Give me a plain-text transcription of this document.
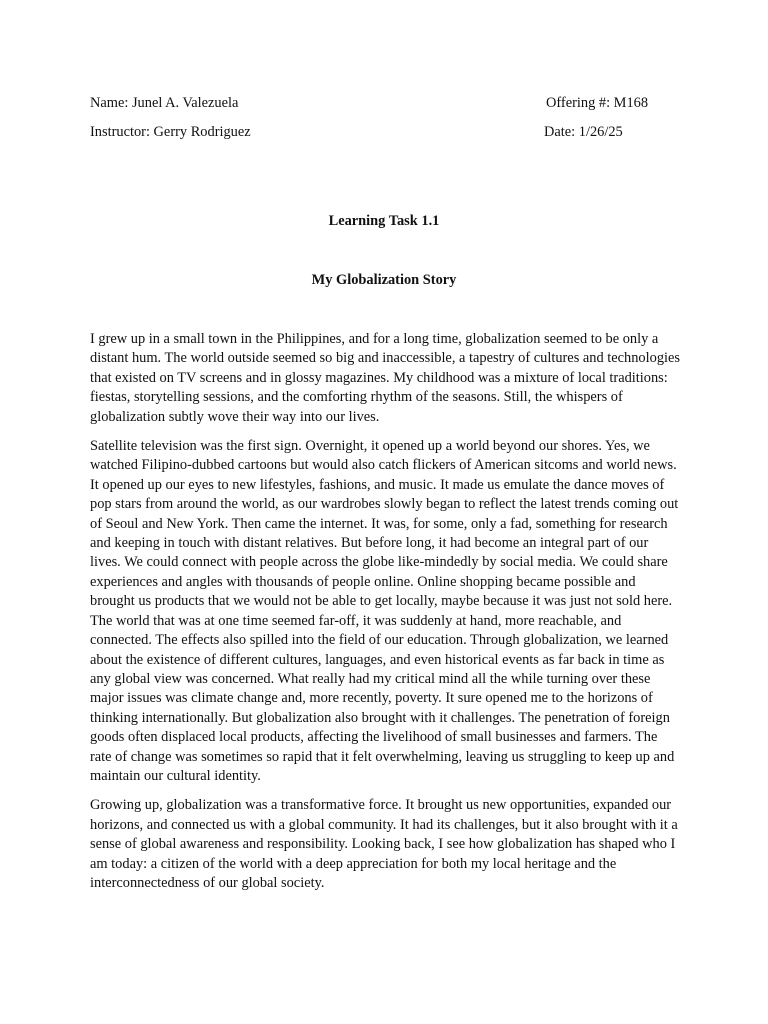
Name: Junel A. Valezuela	Offering #: M168
Instructor: Gerry Rodriguez	Date: 1/26/25
Learning Task 1.1
My Globalization Story

I grew up in a small town in the Philippines, and for a long time, globalization seemed to be only a distant hum. The world outside seemed so big and inaccessible, a tapestry of cultures and technologies that existed on TV screens and in glossy magazines. My childhood was a mixture of local traditions: fiestas, storytelling sessions, and the comforting rhythm of the seasons. Still, the whispers of globalization subtly wove their way into our lives.

Satellite television was the first sign. Overnight, it opened up a world beyond our shores. Yes, we watched Filipino-dubbed cartoons but would also catch flickers of American sitcoms and world news. It opened up our eyes to new lifestyles, fashions, and music. It made us emulate the dance moves of pop stars from around the world, as our wardrobes slowly began to reflect the latest trends coming out of Seoul and New York. Then came the internet. It was, for some, only a fad, something for research and keeping in touch with distant relatives. But before long, it had become an integral part of our lives. We could connect with people across the globe like-mindedly by social media. We could share experiences and angles with thousands of people online. Online shopping became possible and brought us products that we would not be able to get locally, maybe because it was just not sold here. The world that was at one time seemed far-off, it was suddenly at hand, more reachable, and connected. The effects also spilled into the field of our education. Through globalization, we learned about the existence of different cultures, languages, and even historical events as far back in time as any global view was concerned. What really had my critical mind all the while turning over these major issues was climate change and, more recently, poverty. It sure opened me to the horizons of thinking internationally. But globalization also brought with it challenges. The penetration of foreign goods often displaced local products, affecting the livelihood of small businesses and farmers. The rate of change was sometimes so rapid that it felt overwhelming, leaving us struggling to keep up and maintain our cultural identity.

Growing up, globalization was a transformative force. It brought us new opportunities, expanded our horizons, and connected us with a global community. It had its challenges, but it also brought with it a sense of global awareness and responsibility. Looking back, I see how globalization has shaped who I am today: a citizen of the world with a deep appreciation for both my local heritage and the interconnectedness of our global society.
